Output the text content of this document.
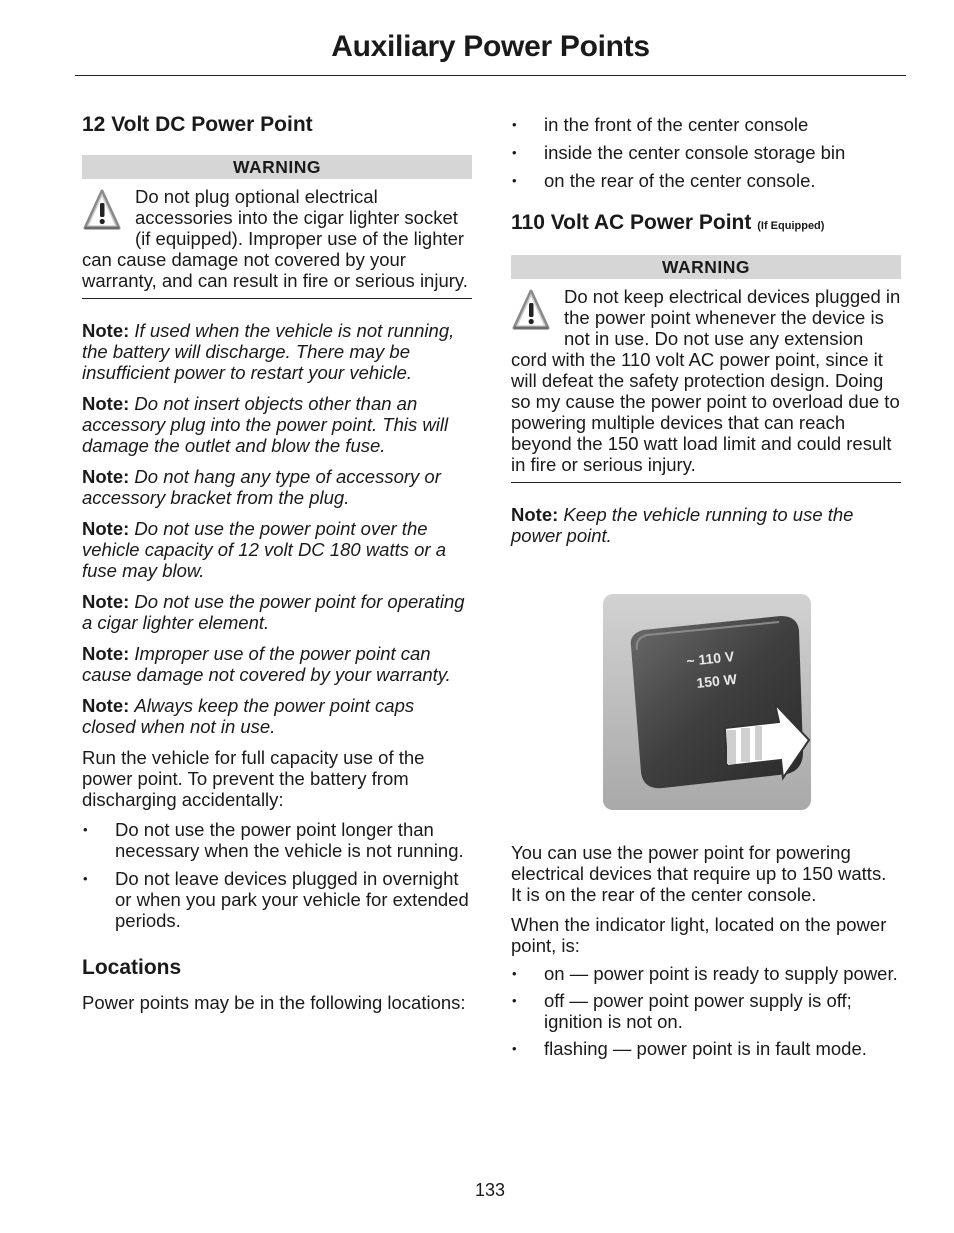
Auxiliary Power Points
12 Volt DC Power Point
WARNING

Do not plug optional electrical accessories into the cigar lighter socket (if equipped). Improper use of the lighter can cause damage not covered by your warranty, and can result in fire or serious injury.

Note: If used when the vehicle is not running, the battery will discharge. There may be insufficient power to restart your vehicle.

Note: Do not insert objects other than an accessory plug into the power point. This will damage the outlet and blow the fuse.

Note: Do not hang any type of accessory or accessory bracket from the plug.

Note: Do not use the power point over the vehicle capacity of 12 volt DC 180 watts or a fuse may blow.

Note: Do not use the power point for operating a cigar lighter element.

Note: Improper use of the power point can cause damage not covered by your warranty.

Note: Always keep the power point caps closed when not in use.

Run the vehicle for full capacity use of the power point. To prevent the battery from discharging accidentally:

• Do not use the power point longer than necessary when the vehicle is not running.
• Do not leave devices plugged in overnight or when you park your vehicle for extended periods.
Locations

Power points may be in the following locations:

• in the front of the center console
• inside the center console storage bin
• on the rear of the center console.
110 Volt AC Power Point (If Equipped)
WARNING

Do not keep electrical devices plugged in the power point whenever the device is not in use. Do not use any extension cord with the 110 volt AC power point, since it will defeat the safety protection design. Doing so my cause the power point to overload due to powering multiple devices that can reach beyond the 150 watt load limit and could result in fire or serious injury.

Note: Keep the vehicle running to use the power point.

You can use the power point for powering electrical devices that require up to 150 watts. It is on the rear of the center console.

When the indicator light, located on the power point, is:

• on — power point is ready to supply power.
• off — power point power supply is off; ignition is not on.
• flashing — power point is in fault mode.
~ 110 V
150 W
133
